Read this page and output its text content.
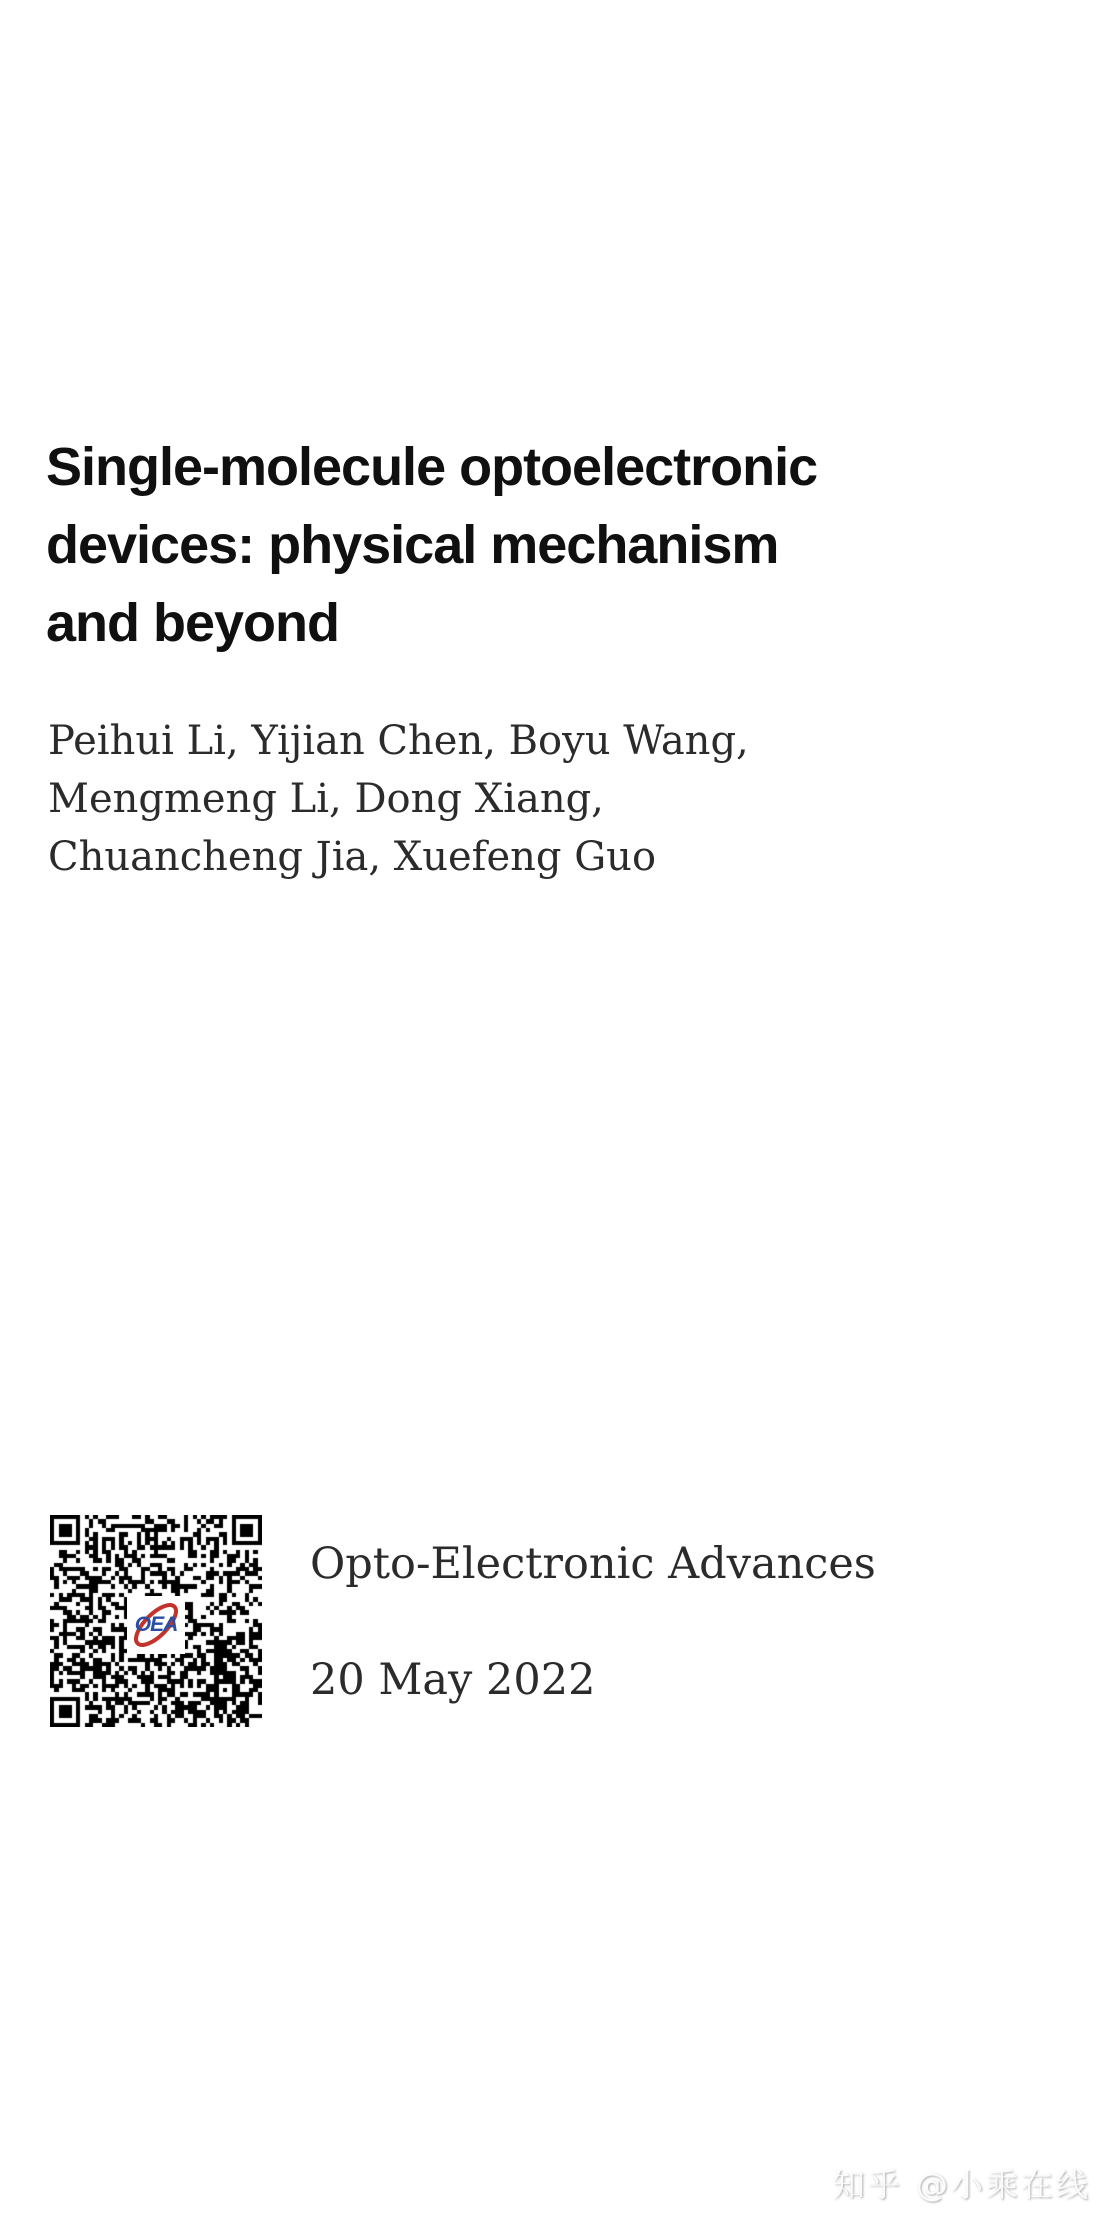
Single-molecule optoelectronic
devices: physical mechanism
and beyond
Peihui Li, Yijian Chen, Boyu Wang,
Mengmeng Li, Dong Xiang,
Chuancheng Jia, Xuefeng Guo
OEA
Opto-Electronic Advances
20 May 2022
知乎 @小乘在线
